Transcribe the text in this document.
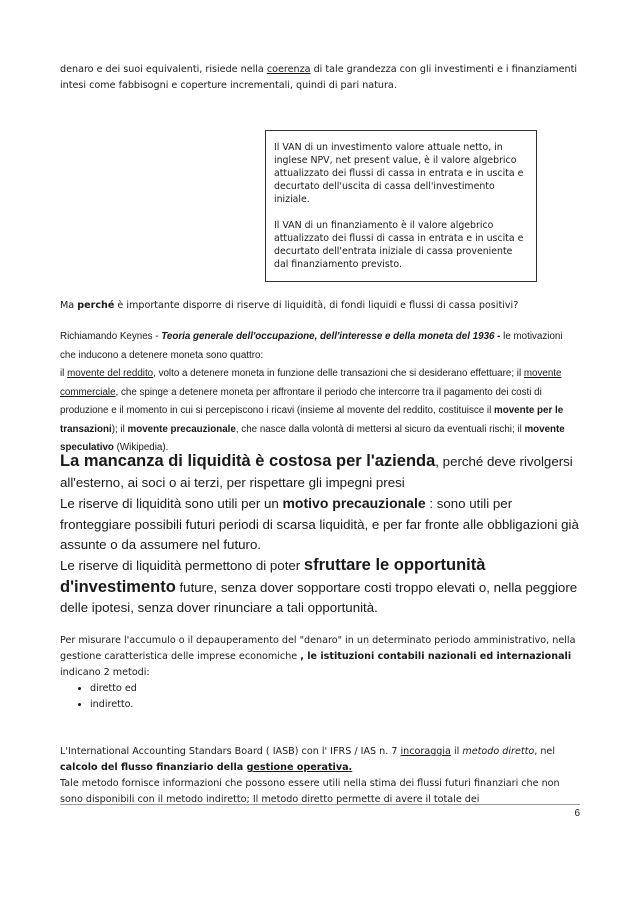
denaro e dei suoi equivalenti, risiede nella coerenza di tale grandezza con gli investimenti e i finanziamenti intesi come fabbisogni e coperture incrementali, quindi di pari natura.

Il VAN di un investimento valore attuale netto, in inglese NPV, net present value, è il valore algebrico attualizzato dei flussi di cassa in entrata e in uscita e decurtato dell'uscita di cassa dell'investimento iniziale.

Il VAN di un finanziamento è il valore algebrico attualizzato dei flussi di cassa in entrata e in uscita e decurtato dell'entrata iniziale di cassa proveniente dal finanziamento previsto.

Ma perché è importante disporre di riserve di liquidità, di fondi liquidi e flussi di cassa positivi?
Richiamando Keynes - Teoria generale dell'occupazione, dell'interesse e della moneta del 1936 - le motivazioni che inducono a detenere moneta sono quattro:
il movente del reddito, volto a detenere moneta in funzione delle transazioni che si desiderano effettuare; il movente commerciale, che spinge a detenere moneta per affrontare il periodo che intercorre tra il pagamento dei costi di produzione e il momento in cui si percepiscono i ricavi (insieme al movente del reddito, costituisce il movente per le transazioni); il movente precauzionale, che nasce dalla volontà di mettersi al sicuro da eventuali rischi; il movente speculativo (Wikipedia).
La mancanza di liquidità è costosa per l'azienda, perché deve rivolgersi all'esterno, ai soci o ai terzi, per rispettare gli impegni presi
Le riserve di liquidità sono utili per un motivo precauzionale : sono utili per fronteggiare possibili futuri periodi di scarsa liquidità, e per far fronte alle obbligazioni già assunte o da assumere nel futuro.
Le riserve di liquidità permettono di poter sfruttare le opportunità d'investimento future, senza dover sopportare costi troppo elevati o, nella peggiore delle ipotesi, senza dover rinunciare a tali opportunità.
Per misurare l'accumulo o il depauperamento del "denaro" in un determinato periodo amministrativo, nella gestione caratteristica delle imprese economiche , le istituzioni contabili nazionali ed internazionali
indicano 2 metodi:
• diretto ed
• indiretto.
L'International Accounting Standars Board ( IASB) con l' IFRS / IAS n. 7 incoraggia il metodo diretto, nel calcolo del flusso finanziario della gestione operativa.
Tale metodo fornisce informazioni che possono essere utili nella stima dei flussi futuri finanziari che non sono disponibili con il metodo indiretto; Il metodo diretto permette di avere il totale dei
6
